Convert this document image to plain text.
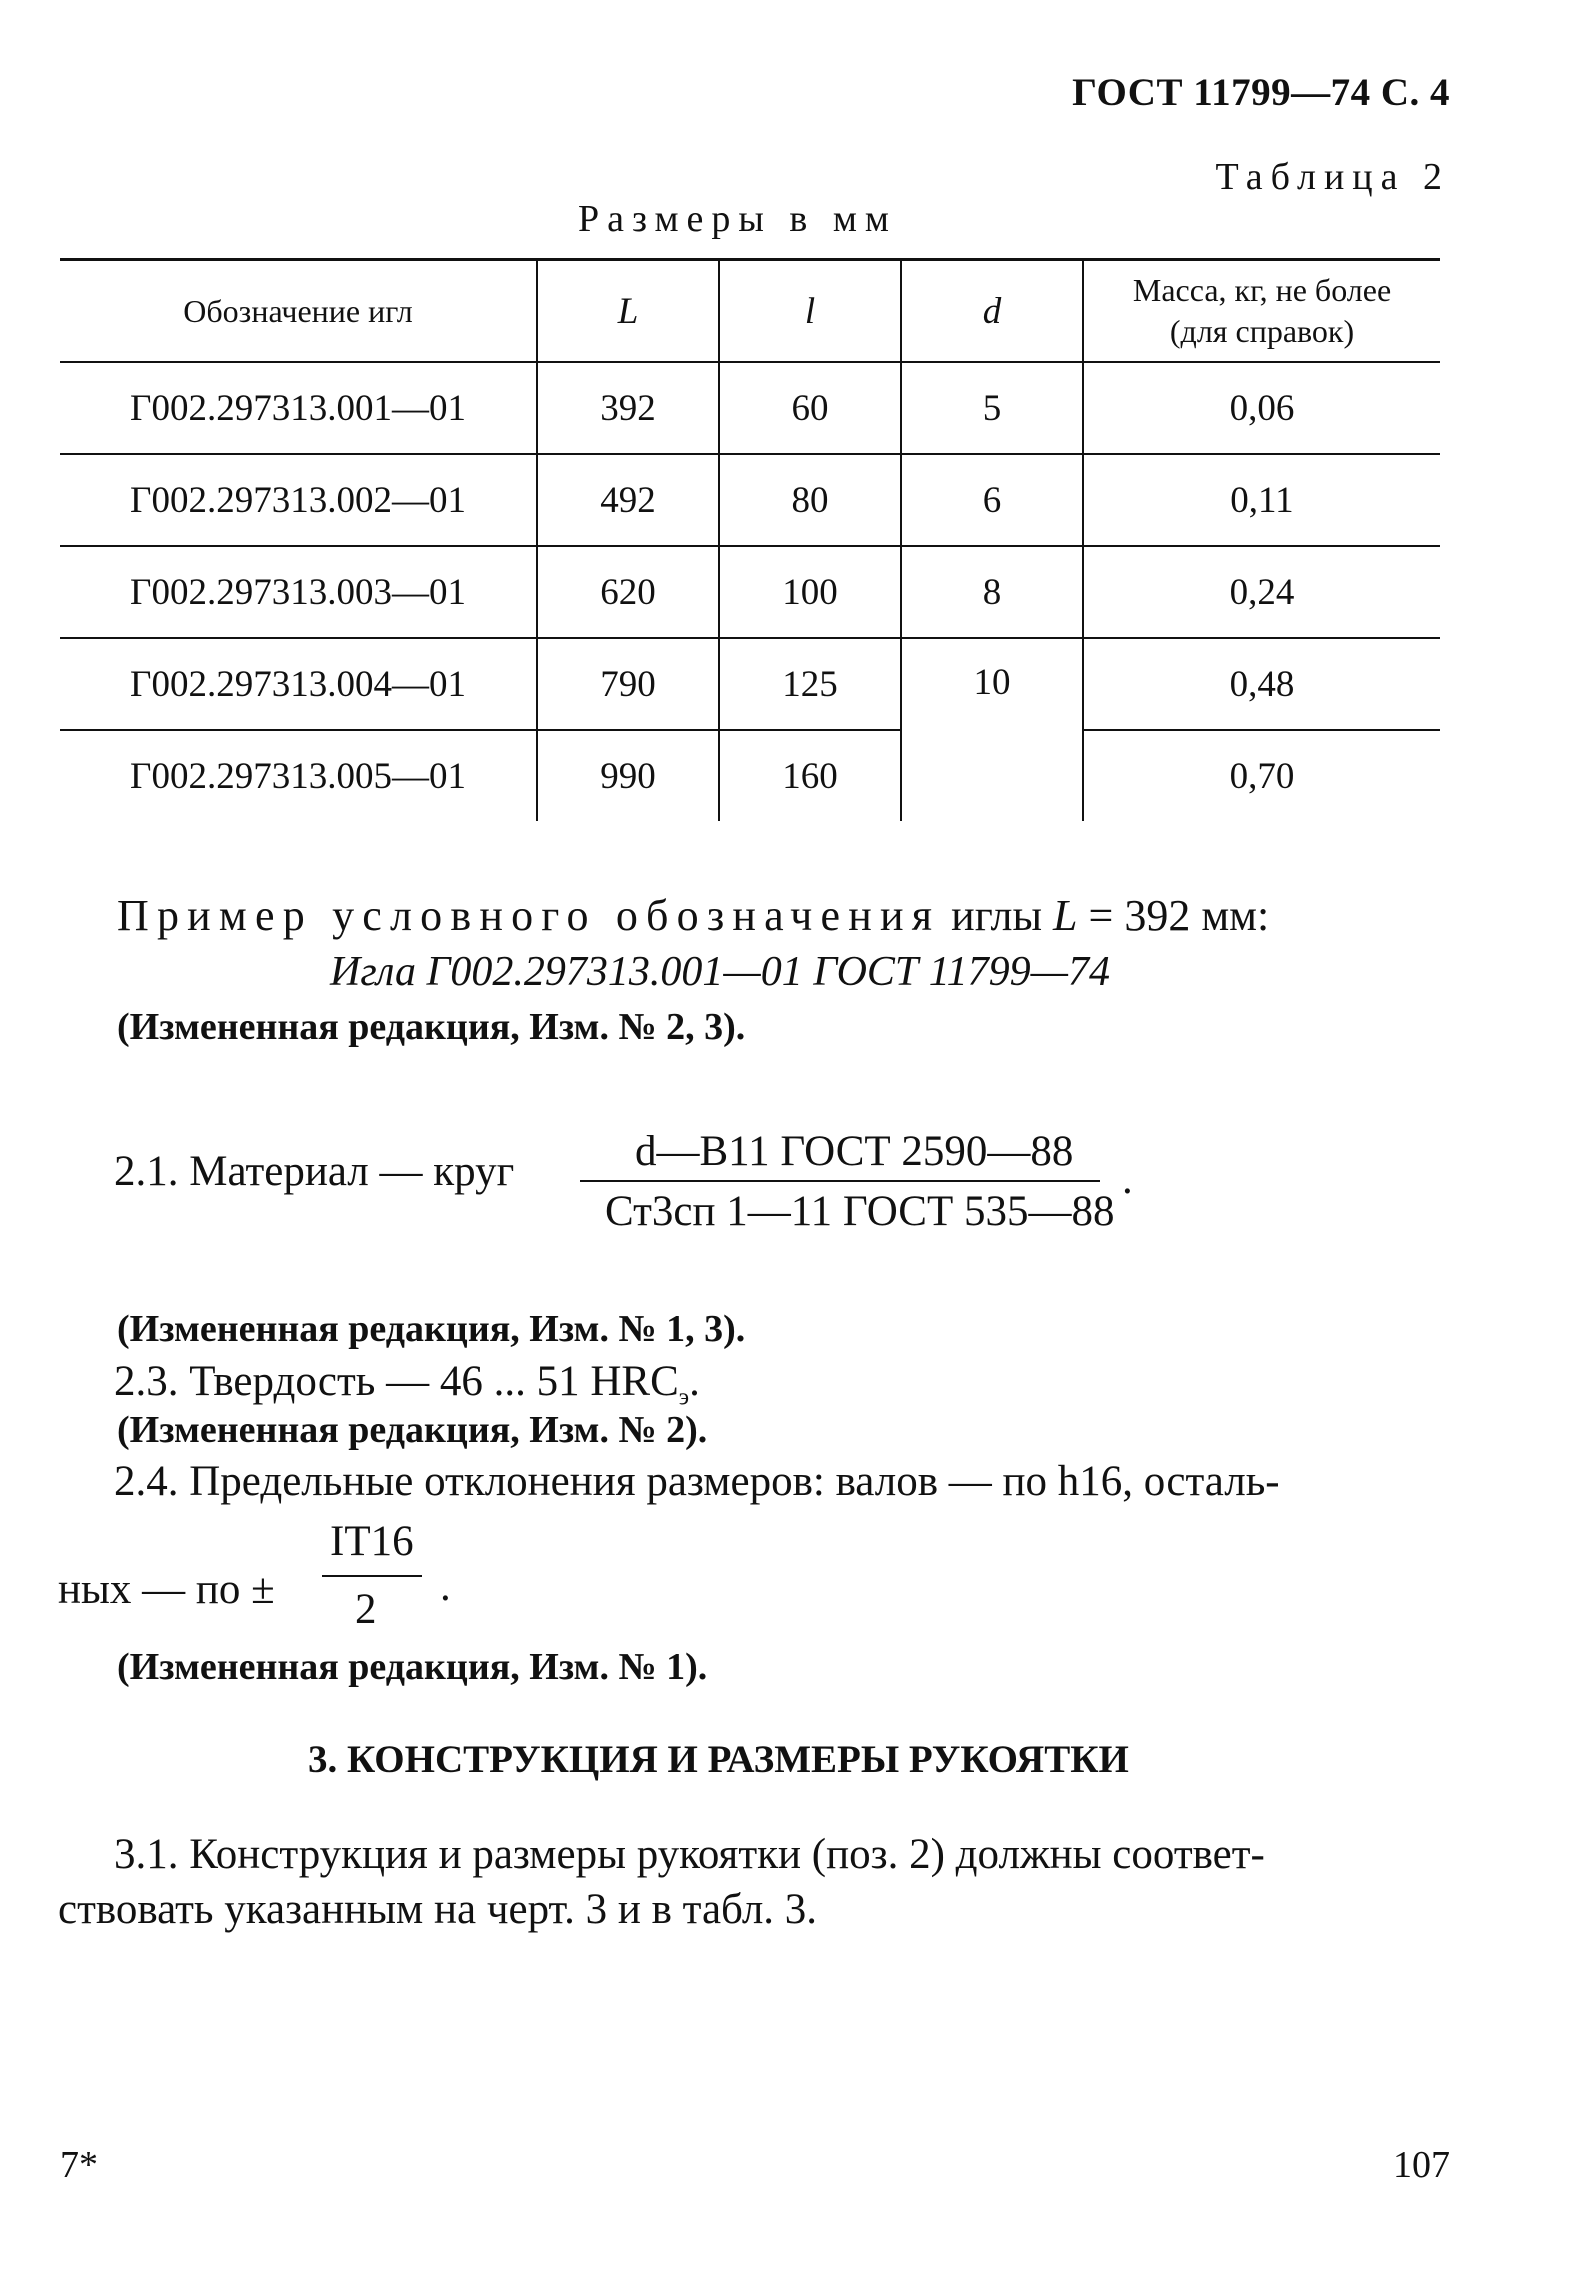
ГОСТ 11799—74 С. 4
Таблица 2
Размеры в мм
Обозначение игл	L	l	d	Масса, кг, не более
(для справок)

Г002.297313.001—01	392	60	5	0,06
Г002.297313.002—01	492	80	6	0,11
Г002.297313.003—01	620	100	8	0,24
Г002.297313.004—01	790	125	10	0,48
Г002.297313.005—01	990	160		0,70
Пример условного обозначения иглы L = 392 мм:
Игла Г002.297313.001—01 ГОСТ 11799—74
(Измененная редакция, Изм. № 2, 3).
2.1. Материал — круг	d—B11 ГОСТ 2590—88
Ст3сп 1—11 ГОСТ 535—88
.
(Измененная редакция, Изм. № 1, 3).
2.3. Твердость — 46 ... 51 $HRC_э$.
(Измененная редакция, Изм. № 2).
2.4. Предельные отклонения размеров: валов — по h16, осталь-
ных — по ±
IT16
2 .
(Измененная редакция, Изм. № 1).
3. КОНСТРУКЦИЯ И РАЗМЕРЫ РУКОЯТКИ
3.1. Конструкция и размеры рукоятки (поз. 2) должны соответ-
ствовать указанным на черт. 3 и в табл. 3.
7*	107
